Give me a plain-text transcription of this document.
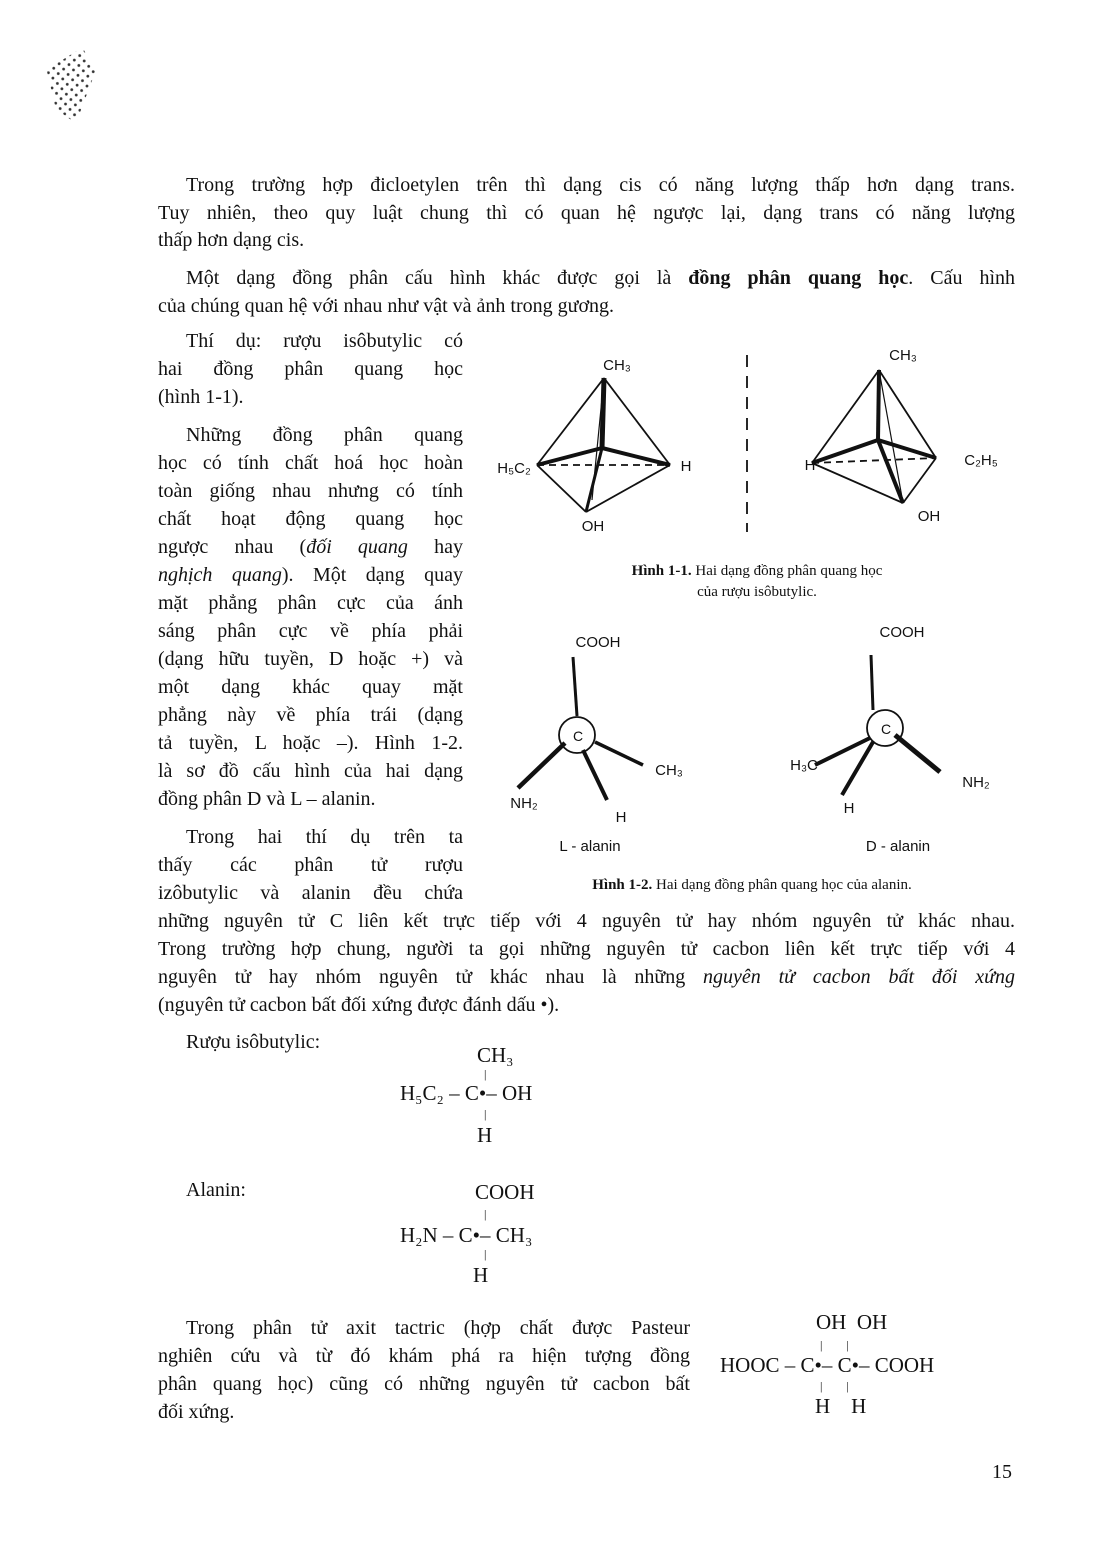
Rượu isôbutylic:
CH₃
|
H₅C₂ – C•– OH
|
H
Alanin:	COOH
|
H₂N – C•– CH₃
|
H
OH  OH
|        |
HOOC – C•– C•– COOH
|        |
H    H
15
CH₃
H₅C₂	H
OH
CH₃
H	C₂H₅
OH
Hình 1-1. Hai dạng đồng phân quang học
của rượu isôbutylic.
COOH
C
NH₂
H
CH₃
L - alanin
COOH
C
H₃C
H
NH₂
D - alanin
Hình 1-2. Hai dạng đồng phân quang học của alanin.
Trong trường hợp đicloetylen trên thì dạng cis có năng lượng thấp hơn dạng trans.
Tuy nhiên, theo quy luật chung thì có quan hệ ngược lại, dạng trans có năng lượng
thấp hơn dạng cis.
Một dạng đồng phân cấu hình khác được gọi là đồng phân quang học. Cấu hình
của chúng quan hệ với nhau như vật và ảnh trong gương.
Thí dụ: rượu isôbutylic có
hai đồng phân quang học
(hình 1-1).
Những đồng phân quang
học có tính chất hoá học hoàn
toàn giống nhau nhưng có tính
chất hoạt động quang học
ngược nhau (đối quang hay
nghịch quang). Một dạng quay
mặt phẳng phân cực của ánh
sáng phân cực về phía phải
(dạng hữu tuyền, D hoặc +) và
một dạng khác quay mặt
phẳng này về phía trái (dạng
tả tuyền, L hoặc –). Hình 1-2.
là sơ đồ cấu hình của hai dạng
đồng phân D và L – alanin.
Trong hai thí dụ trên ta
thấy các phân tử rượu
izôbutylic và alanin đều chứa
những nguyên tử C liên kết trực tiếp với 4 nguyên tử hay nhóm nguyên tử khác nhau.
Trong trường hợp chung, người ta gọi những nguyên tử cacbon liên kết trực tiếp với 4
nguyên tử hay nhóm nguyên tử khác nhau là những nguyên tử cacbon bất đối xứng
(nguyên tử cacbon bất đối xứng được đánh dấu •).
Trong phân tử axit tactric (hợp chất được Pasteur
nghiên cứu và từ đó khám phá ra hiện tượng đồng
phân quang học) cũng có những nguyên tử cacbon bất
đối xứng.
